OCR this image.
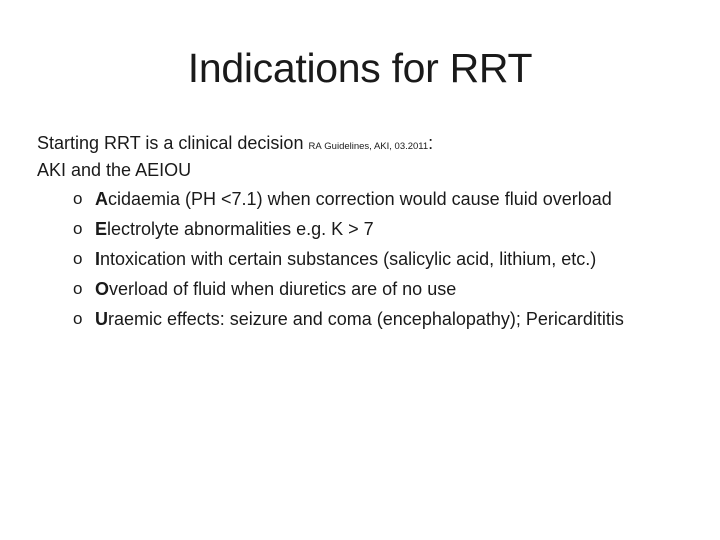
Indications for RRT

Starting RRT is a clinical decision RA Guidelines, AKI, 03.2011:

AKI and the AEIOU

o Acidaemia (PH <7.1) when correction would cause fluid overload
o Electrolyte abnormalities e.g. K > 7
o Intoxication with certain substances (salicylic acid, lithium, etc.)
o Overload of fluid when diuretics are of no use
o Uraemic effects: seizure and coma (encephalopathy); Pericardititis
